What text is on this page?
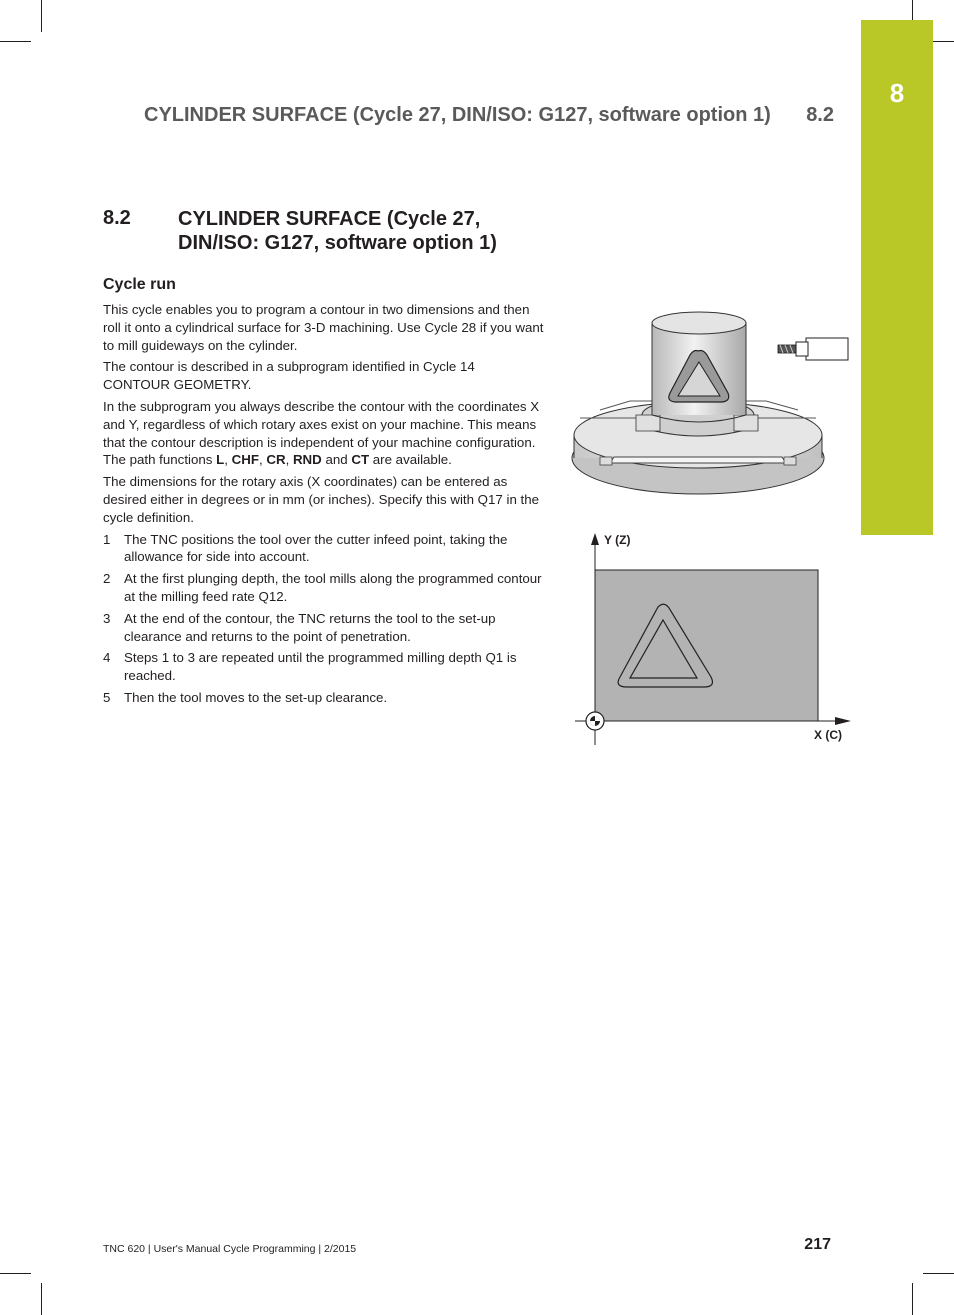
8
CYLINDER SURFACE (Cycle 27, DIN/ISO: G127, software option 1) 8.2
8.2 CYLINDER SURFACE (Cycle 27,
DIN/ISO: G127, software option 1)
Cycle run

This cycle enables you to program a contour in two dimensions and then roll it onto a cylindrical surface for 3-D machining. Use Cycle 28 if you want to mill guideways on the cylinder.

The contour is described in a subprogram identified in Cycle 14 CONTOUR GEOMETRY.

In the subprogram you always describe the contour with the coordinates X and Y, regardless of which rotary axes exist on your machine. This means that the contour description is independent of your machine configuration. The path functions L, CHF, CR, RND and CT are available.

The dimensions for the rotary axis (X coordinates) can be entered as desired either in degrees or in mm (or inches). Specify this with Q17 in the cycle definition.

1 The TNC positions the tool over the cutter infeed point, taking the allowance for side into account.
2 At the first plunging depth, the tool mills along the programmed contour at the milling feed rate Q12.
3 At the end of the contour, the TNC returns the tool to the set-up clearance and returns to the point of penetration.
4 Steps 1 to 3 are repeated until the programmed milling depth Q1 is reached.
5 Then the tool moves to the set-up clearance.
Y (Z)
X (C)
TNC 620 | User's Manual Cycle Programming | 2/2015	217
